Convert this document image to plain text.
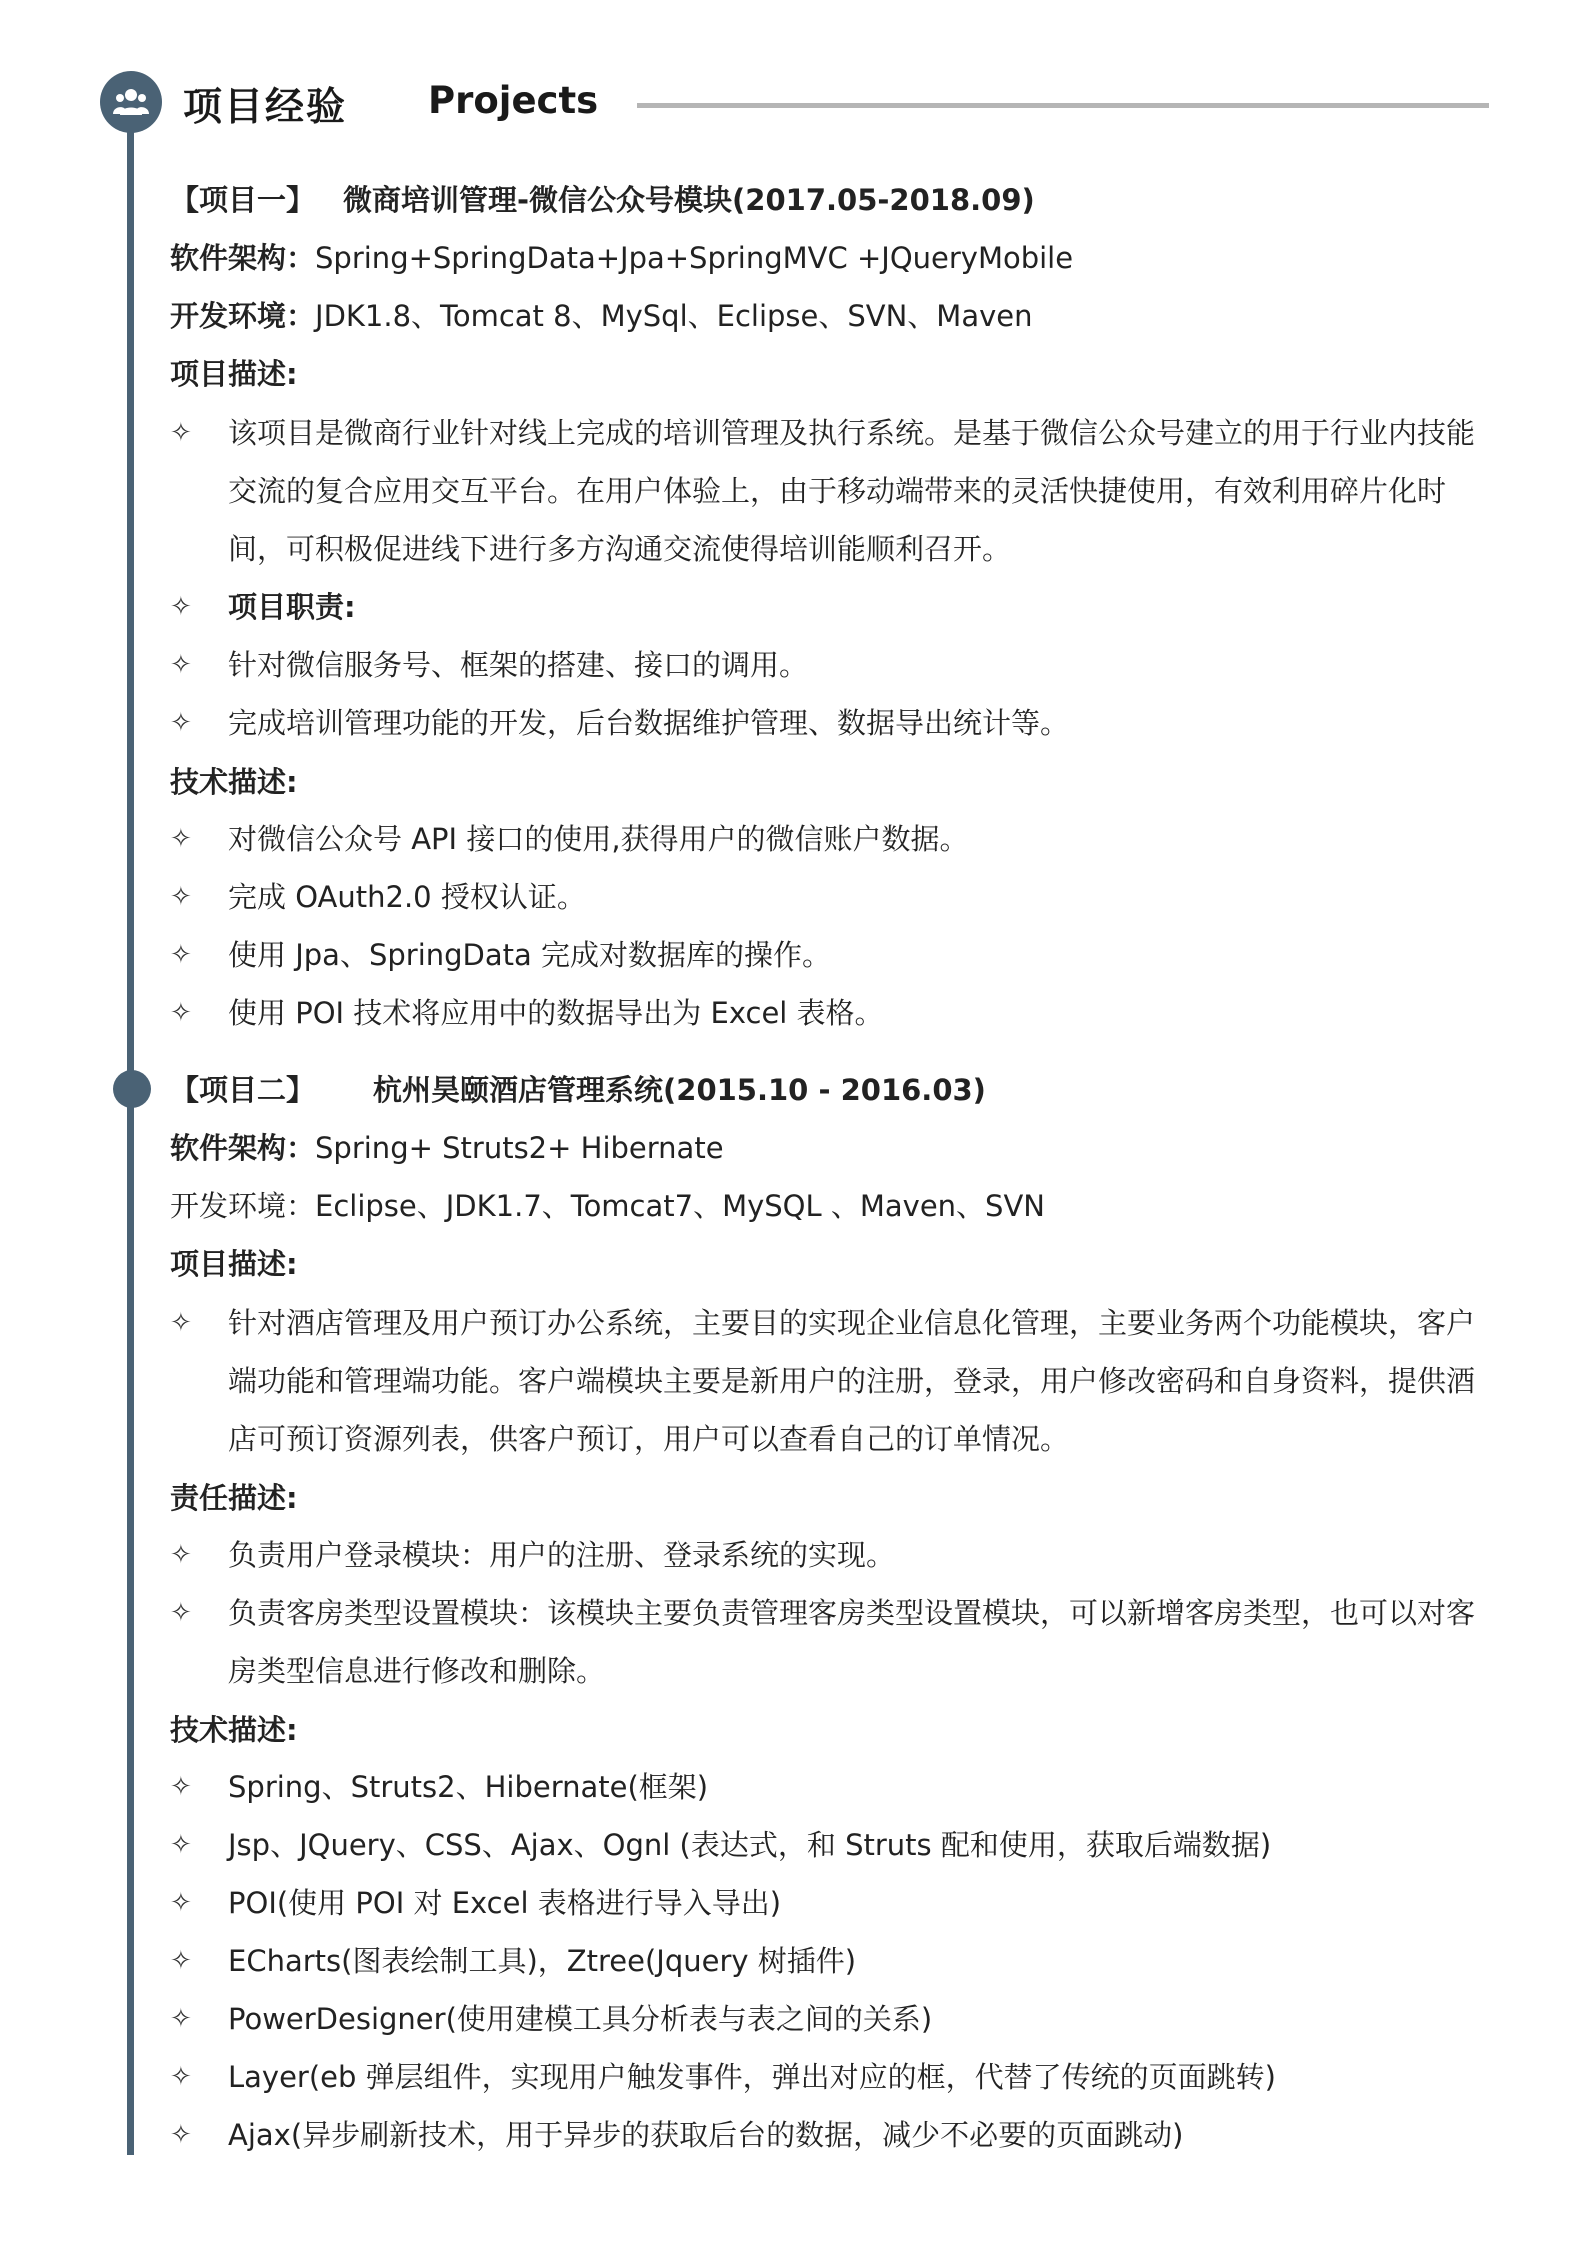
项目经验 Projects
【项目一】 微商培训管理-微信公众号模块(2017.05-2018.09)
软件架构：Spring+SpringData+Jpa+SpringMVC +JQueryMobile
开发环境：JDK1.8、Tomcat 8、MySql、Eclipse、SVN、Maven
项目描述:
✧ 该项目是微商行业针对线上完成的培训管理及执行系统。是基于微信公众号建立的用于行业内技能交流的复合应用交互平台。在用户体验上，由于移动端带来的灵活快捷使用，有效利用碎片化时间，可积极促进线下进行多方沟通交流使得培训能顺利召开。
✧ 项目职责:
✧ 针对微信服务号、框架的搭建、接口的调用。
✧ 完成培训管理功能的开发，后台数据维护管理、数据导出统计等。
技术描述:
✧ 对微信公众号 API 接口的使用,获得用户的微信账户数据。
✧ 完成 OAuth2.0 授权认证。
✧ 使用 Jpa、SpringData 完成对数据库的操作。
✧ 使用 POI 技术将应用中的数据导出为 Excel 表格。
【项目二】 杭州昊颐酒店管理系统(2015.10 - 2016.03)
软件架构：Spring+ Struts2+ Hibernate
开发环境：Eclipse、JDK1.7、Tomcat7、MySQL 、Maven、SVN
项目描述:
✧ 针对酒店管理及用户预订办公系统，主要目的实现企业信息化管理，主要业务两个功能模块，客户端功能和管理端功能。客户端模块主要是新用户的注册，登录，用户修改密码和自身资料，提供酒店可预订资源列表，供客户预订，用户可以查看自己的订单情况。
责任描述:
✧ 负责用户登录模块：用户的注册、登录系统的实现。
✧ 负责客房类型设置模块：该模块主要负责管理客房类型设置模块，可以新增客房类型，也可以对客房类型信息进行修改和删除。
技术描述:
✧ Spring、Struts2、Hibernate(框架)
✧ Jsp、JQuery、CSS、Ajax、Ognl (表达式，和 Struts 配和使用，获取后端数据)
✧ POI(使用 POI 对 Excel 表格进行导入导出)
✧ ECharts(图表绘制工具)，Ztree(Jquery 树插件)
✧ PowerDesigner(使用建模工具分析表与表之间的关系)
✧ Layer(eb 弹层组件，实现用户触发事件，弹出对应的框，代替了传统的页面跳转)
✧ Ajax(异步刷新技术，用于异步的获取后台的数据，减少不必要的页面跳动)
